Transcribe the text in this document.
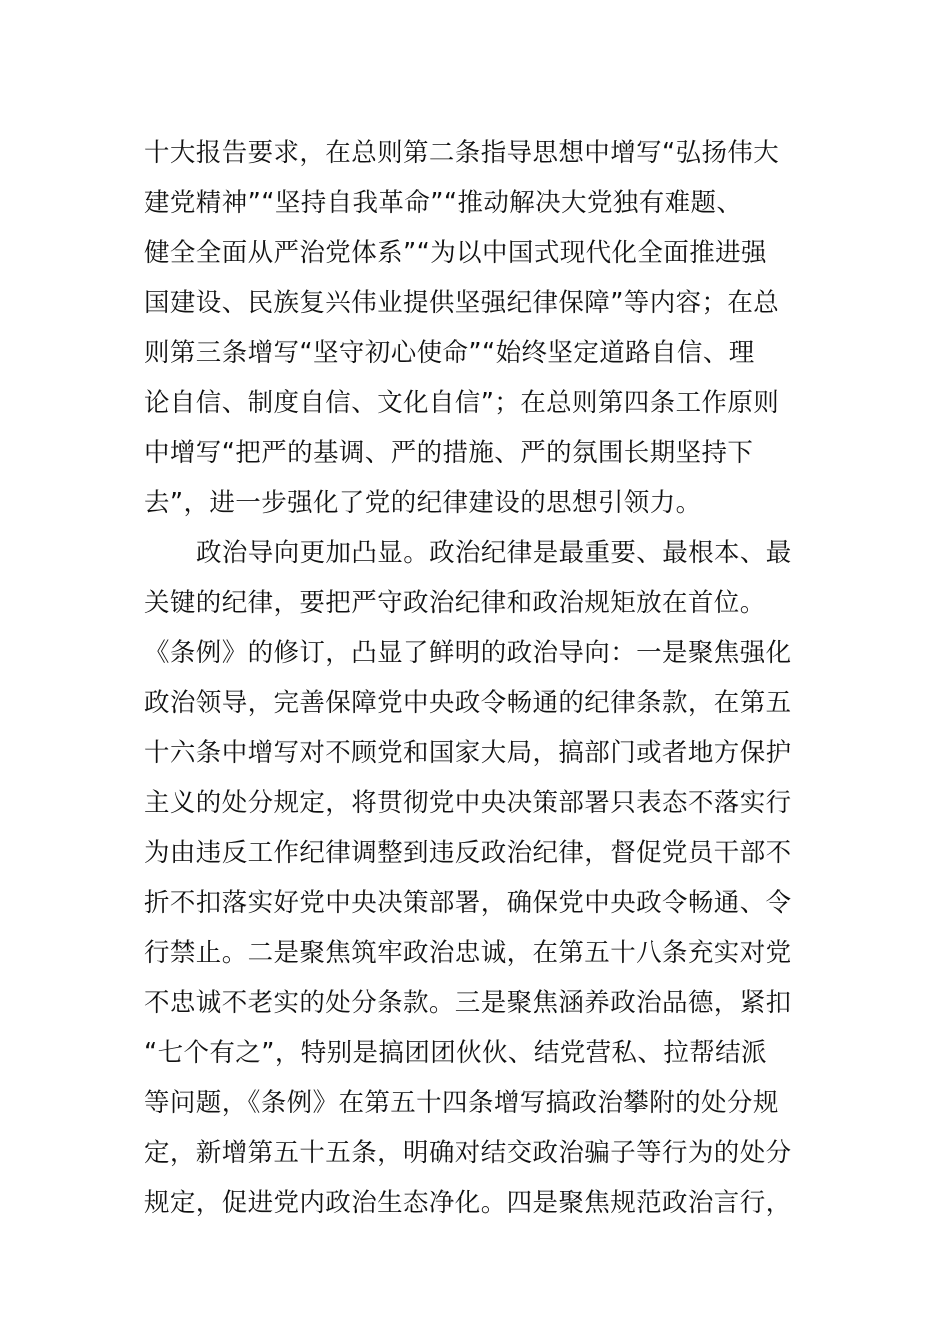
十大报告要求，在总则第二条指导思想中增写“弘扬伟大
建党精神”“坚持自我革命”“推动解决大党独有难题、
健全全面从严治党体系”“为以中国式现代化全面推进强
国建设、民族复兴伟业提供坚强纪律保障”等内容；在总
则第三条增写“坚守初心使命”“始终坚定道路自信、理
论自信、制度自信、文化自信”；在总则第四条工作原则
中增写“把严的基调、严的措施、严的氛围长期坚持下
去”，进一步强化了党的纪律建设的思想引领力。
政治导向更加凸显。政治纪律是最重要、最根本、最
关键的纪律，要把严守政治纪律和政治规矩放在首位。
《条例》的修订，凸显了鲜明的政治导向：一是聚焦强化
政治领导，完善保障党中央政令畅通的纪律条款，在第五
十六条中增写对不顾党和国家大局，搞部门或者地方保护
主义的处分规定，将贯彻党中央决策部署只表态不落实行
为由违反工作纪律调整到违反政治纪律，督促党员干部不
折不扣落实好党中央决策部署，确保党中央政令畅通、令
行禁止。二是聚焦筑牢政治忠诚，在第五十八条充实对党
不忠诚不老实的处分条款。三是聚焦涵养政治品德，紧扣
“七个有之”，特别是搞团团伙伙、结党营私、拉帮结派
等问题，《条例》在第五十四条增写搞政治攀附的处分规
定，新增第五十五条，明确对结交政治骗子等行为的处分
规定，促进党内政治生态净化。四是聚焦规范政治言行，
